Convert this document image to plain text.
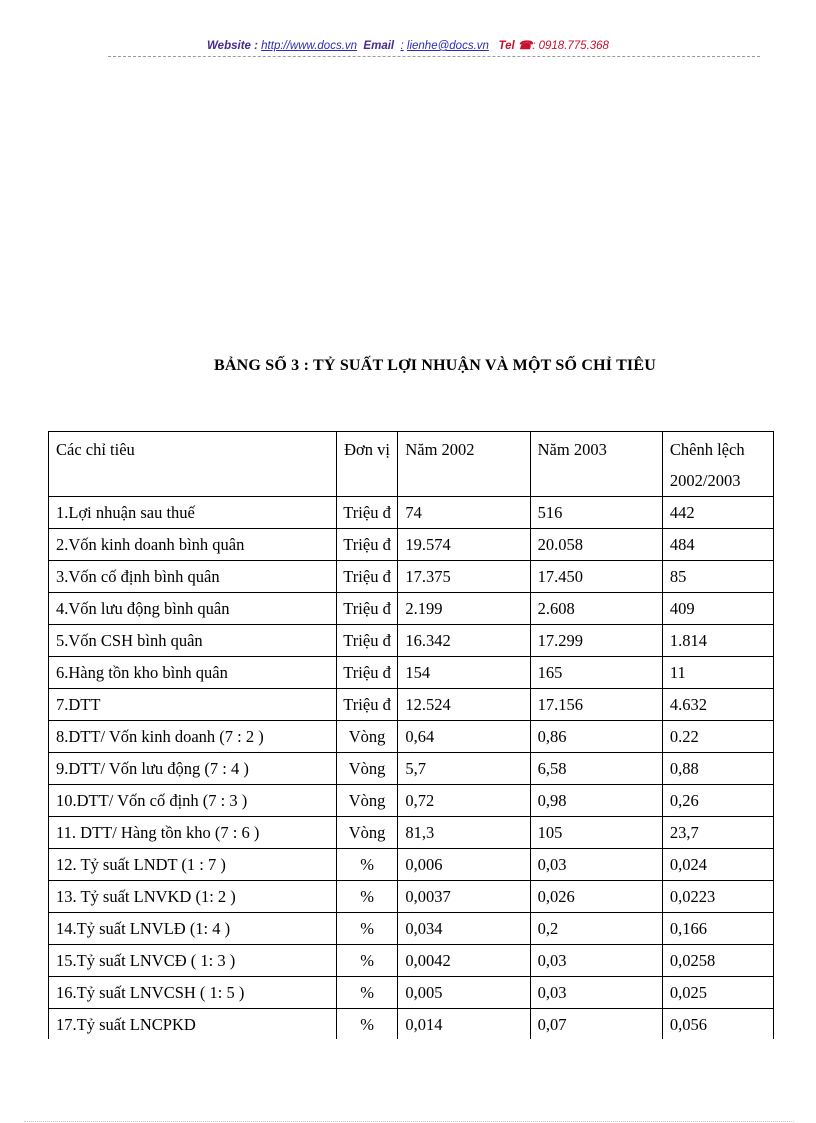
Website : http://www.docs.vn Email : lienhe@docs.vn Tel ☎: 0918.775.368
BẢNG SỐ 3 : TỶ SUẤT LỢI NHUẬN VÀ MỘT SỐ CHỈ TIÊU
Các chỉ tiêu	Đơn vị	Năm 2002	Năm 2003	Chênh lệch 2002/2003
1.Lợi nhuận sau thuế	Triệu đ	74	516	442
2.Vốn kinh doanh bình quân	Triệu đ	19.574	20.058	484
3.Vốn cố định bình quân	Triệu đ	17.375	17.450	85
4.Vốn lưu động bình quân	Triệu đ	2.199	2.608	409
5.Vốn CSH bình quân	Triệu đ	16.342	17.299	1.814
6.Hàng tồn kho bình quân	Triệu đ	154	165	11
7.DTT	Triệu đ	12.524	17.156	4.632
8.DTT/ Vốn kinh doanh (7 : 2 )	Vòng	0,64	0,86	0.22
9.DTT/ Vốn lưu động (7 : 4 )	Vòng	5,7	6,58	0,88
10.DTT/ Vốn cố định (7 : 3 )	Vòng	0,72	0,98	0,26
11. DTT/ Hàng tồn kho (7 : 6 )	Vòng	81,3	105	23,7
12. Tỷ suất LNDT (1 : 7 )	%	0,006	0,03	0,024
13. Tỷ suất LNVKD (1: 2 )	%	0,0037	0,026	0,0223
14.Tỷ suất LNVLĐ (1: 4 )	%	0,034	0,2	0,166
15.Tỷ suất LNVCĐ ( 1: 3 )	%	0,0042	0,03	0,0258
16.Tỷ suất LNVCSH ( 1: 5 )	%	0,005	0,03	0,025
17.Tỷ suất LNCPKD	%	0,014	0,07	0,056
